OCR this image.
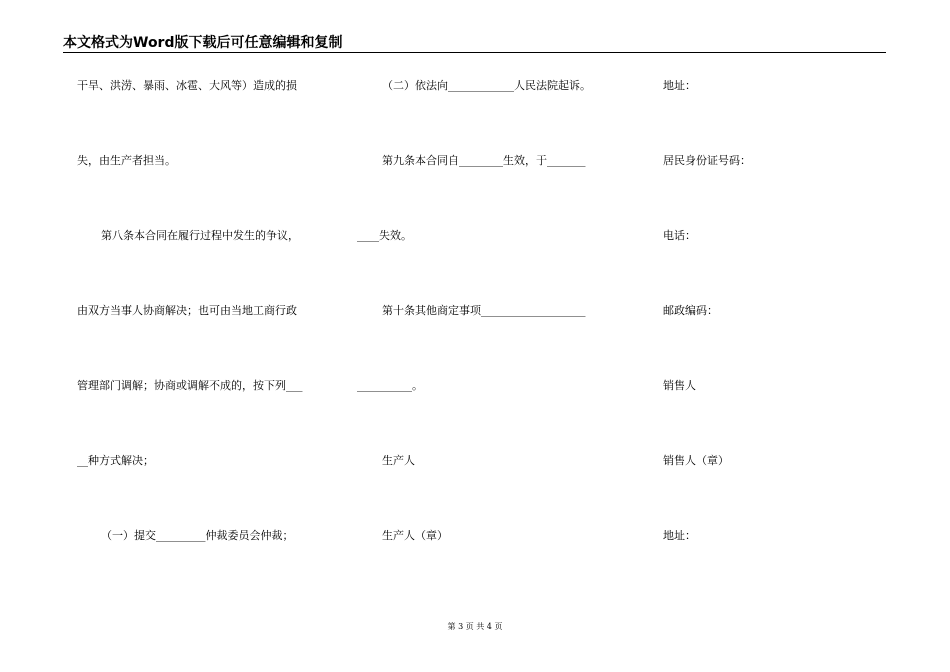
本文格式为Word版下载后可任意编辑和复制
干旱、洪涝、暴雨、冰雹、大风等）造成的损
失，由生产者担当。
第八条本合同在履行过程中发生的争议，
由双方当事人协商解决；也可由当地工商行政
管理部门调解；协商或调解不成的，按下列___
__种方式解决；
（一）提交_________仲裁委员会仲裁；
（二）依法向____________人民法院起诉。
第九条本合同自________生效，于_______
____失效。
第十条其他商定事项___________________
__________。
生产人
生产人（章）
地址：
居民身份证号码：
电话：
邮政编码：
销售人
销售人（章）
地址：
第 3 页 共 4 页
